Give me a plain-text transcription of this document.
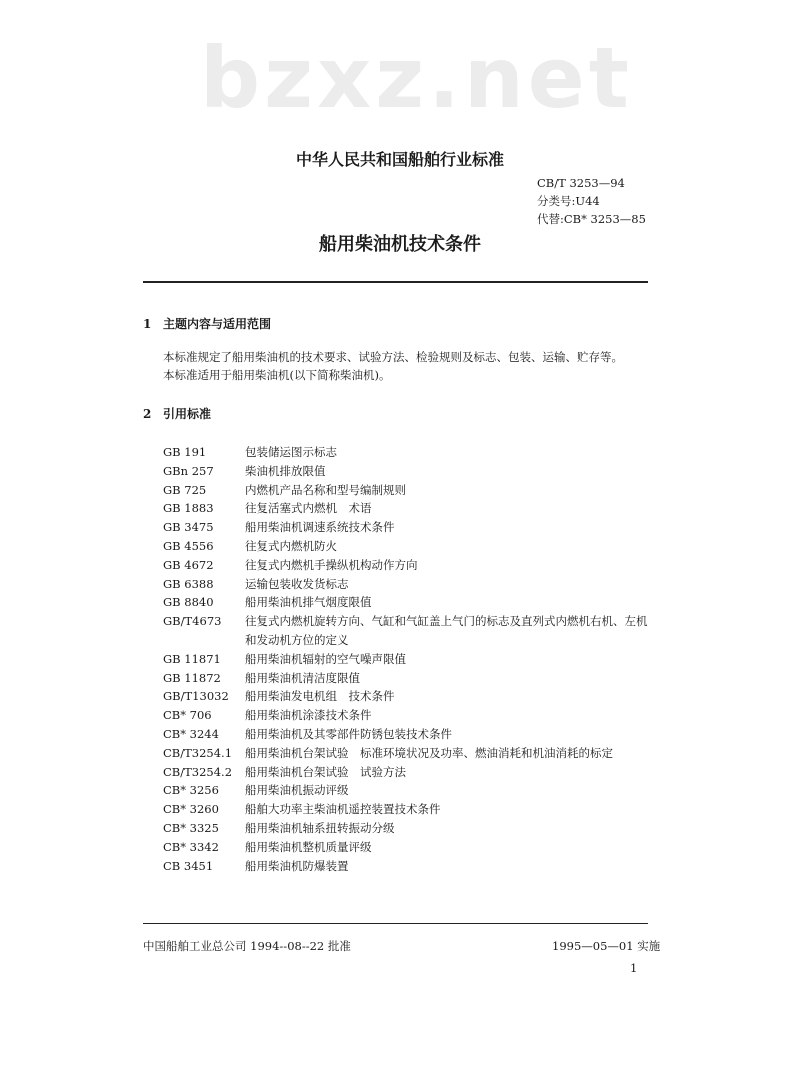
bzxz.net
中华人民共和国船舶行业标准
CB/T 3253—94
分类号:U44
代替:CB* 3253—85
船用柴油机技术条件
1 主题内容与适用范围
本标准规定了船用柴油机的技术要求、试验方法、检验规则及标志、包装、运输、贮存等。
本标准适用于船用柴油机(以下简称柴油机)。
2 引用标准
GB 191	包装储运图示标志
GBn 257	柴油机排放限值
GB 725	内燃机产品名称和型号编制规则
GB 1883	往复活塞式内燃机　术语
GB 3475	船用柴油机调速系统技术条件
GB 4556	往复式内燃机防火
GB 4672	往复式内燃机手操纵机构动作方向
GB 6388	运输包装收发货标志
GB 8840	船用柴油机排气烟度限值
GB/T4673	往复式内燃机旋转方向、气缸和气缸盖上气门的标志及直列式内燃机右机、左机和发动机方位的定义
GB 11871	船用柴油机辐射的空气噪声限值
GB 11872	船用柴油机清洁度限值
GB/T13032	船用柴油发电机组　技术条件
CB* 706	船用柴油机涂漆技术条件
CB* 3244	船用柴油机及其零部件防锈包装技术条件
CB/T3254.1	船用柴油机台架试验　标准环境状况及功率、燃油消耗和机油消耗的标定
CB/T3254.2	船用柴油机台架试验　试验方法
CB* 3256	船用柴油机振动评级
CB* 3260	船舶大功率主柴油机遥控装置技术条件
CB* 3325	船用柴油机轴系扭转振动分级
CB* 3342	船用柴油机整机质量评级
CB 3451	船用柴油机防爆装置
中国船舶工业总公司 1994--08--22 批准	1995—05—01 实施
1
